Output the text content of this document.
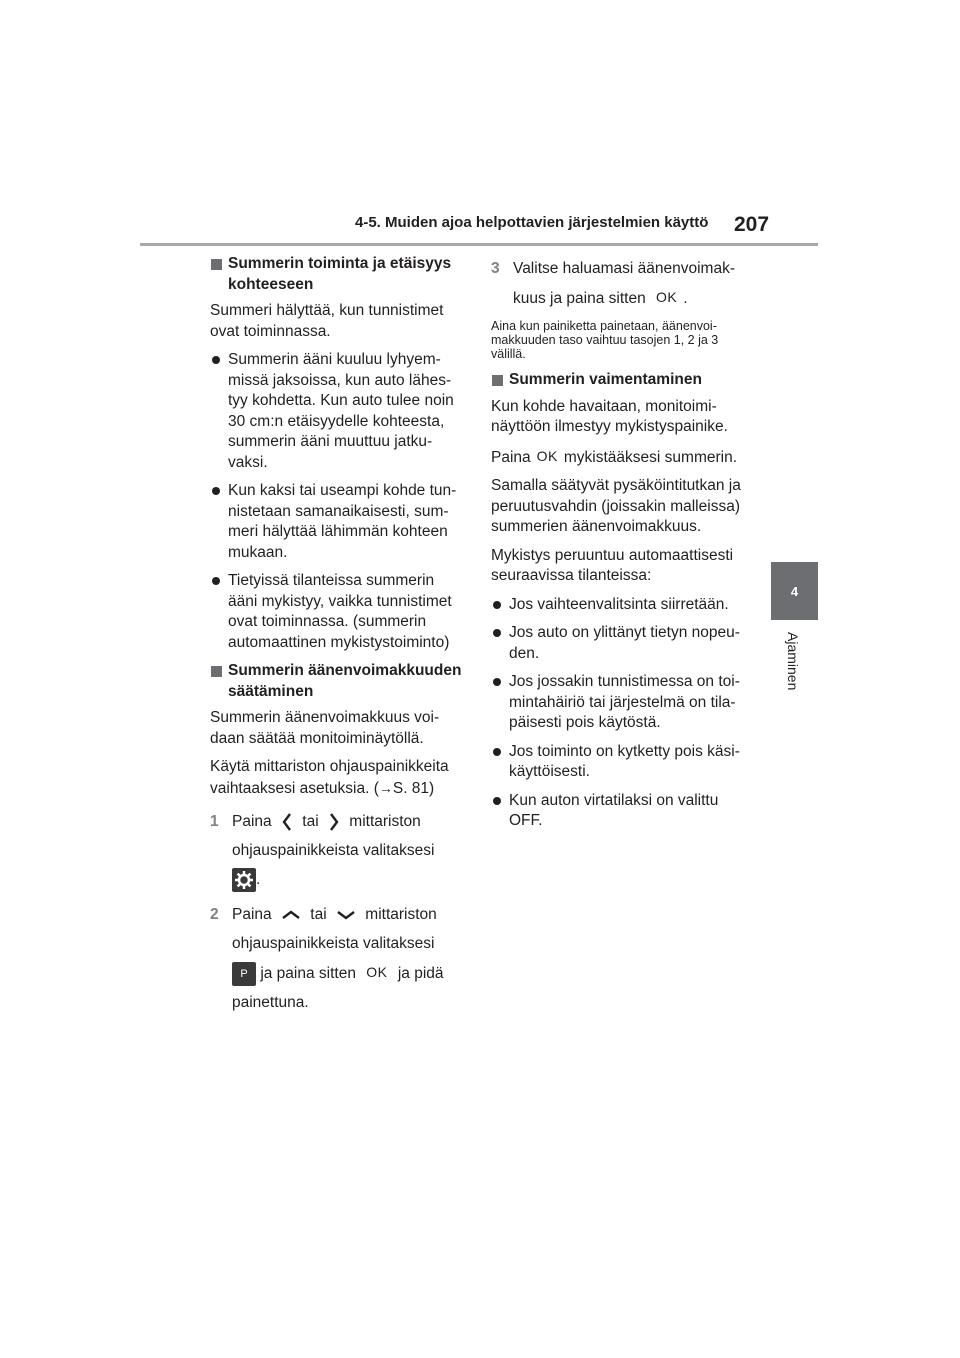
4-5. Muiden ajoa helpottavien järjestelmien käyttö 207
4
Ajaminen
Summerin toiminta ja etäisyys kohteeseen

Summeri hälyttää, kun tunnistimet ovat toiminnassa.

Summerin ääni kuuluu lyhyem-missä jaksoissa, kun auto lähes-tyy kohdetta. Kun auto tulee noin 30 cm:n etäisyydelle kohteesta, summerin ääni muuttuu jatku-vaksi.
Kun kaksi tai useampi kohde tun-nistetaan samanaikaisesti, sum-meri hälyttää lähimmän kohteen mukaan.
Tietyissä tilanteissa summerin ääni mykistyy, vaikka tunnistimet ovat toiminnassa. (summerin automaattinen mykistystoiminto)
Summerin äänenvoimakkuuden säätäminen

Summerin äänenvoimakkuus voi-daan säätää monitoiminäytöllä.

Käytä mittariston ohjauspainikkeita vaihtaaksesi asetuksia. (→S. 81)

1 Paina tai mittariston
ohjauspainikkeista valitaksesi
.
2 Paina tai mittariston
ohjauspainikkeista valitaksesi
P ja paina sitten OK ja pidä
painettuna.
3 Valitse haluamasi äänenvoimak-
kuus ja paina sitten OK .

Aina kun painiketta painetaan, äänenvoi-makkuuden taso vaihtuu tasojen 1, 2 ja 3 välillä.

Summerin vaimentaminen

Kun kohde havaitaan, monitoimi-näyttöön ilmestyy mykistyspainike.

Paina OK mykistääksesi summerin.

Samalla säätyvät pysäköintitutkan ja peruutusvahdin (joissakin malleissa) summerien äänenvoimakkuus.

Mykistys peruuntuu automaattisesti seuraavissa tilanteissa:

Jos vaihteenvalitsinta siirretään.
Jos auto on ylittänyt tietyn nopeu-den.
Jos jossakin tunnistimessa on toi-mintahäiriö tai järjestelmä on tila-päisesti pois käytöstä.
Jos toiminto on kytketty pois käsi-käyttöisesti.
Kun auton virtatilaksi on valittu OFF.
